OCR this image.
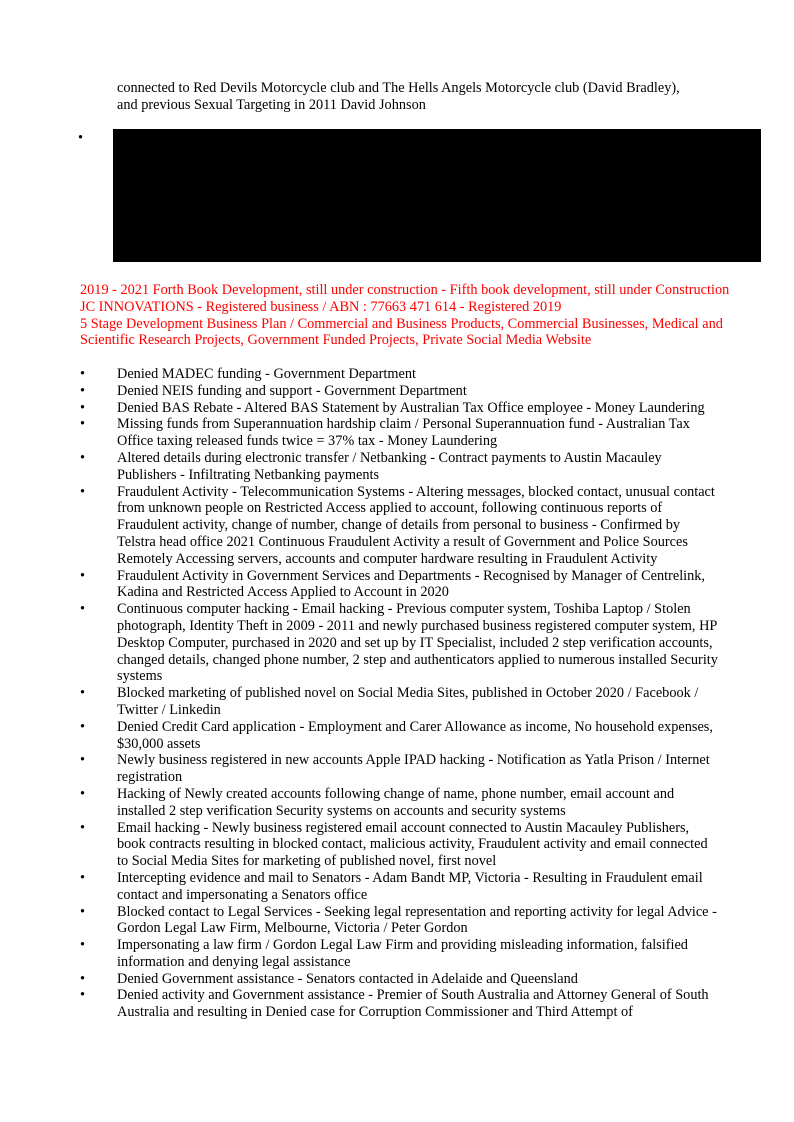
connected to Red Devils Motorcycle club and The Hells Angels Motorcycle club (David Bradley),

and previous Sexual Targeting in 2011 David Johnson

•

2019 - 2021 Forth Book Development, still under construction - Fifth book development, still under Construction

JC INNOVATIONS - Registered business / ABN : 77663 471 614 - Registered 2019

5 Stage Development Business Plan / Commercial and Business Products, Commercial Businesses, Medical and Scientific Research Projects, Government Funded Projects, Private Social Media Website

• Denied MADEC funding - Government Department
• Denied NEIS funding and support - Government Department
• Denied BAS Rebate - Altered BAS Statement by Australian Tax Office employee - Money Laundering
• Missing funds from Superannuation hardship claim / Personal Superannuation fund - Australian Tax Office taxing released funds twice = 37% tax - Money Laundering
• Altered details during electronic transfer / Netbanking - Contract payments to Austin Macauley Publishers - Infiltrating Netbanking payments
• Fraudulent Activity - Telecommunication Systems - Altering messages, blocked contact, unusual contact from unknown people on Restricted Access applied to account, following continuous reports of Fraudulent activity, change of number, change of details from personal to business - Confirmed by Telstra head office 2021 Continuous Fraudulent Activity a result of Government and Police Sources Remotely Accessing servers, accounts and computer hardware resulting in Fraudulent Activity
• Fraudulent Activity in Government Services and Departments - Recognised by Manager of Centrelink, Kadina and Restricted Access Applied to Account in 2020
• Continuous computer hacking - Email hacking - Previous computer system, Toshiba Laptop / Stolen photograph, Identity Theft in 2009 - 2011 and newly purchased business registered computer system, HP Desktop Computer, purchased in 2020 and set up by IT Specialist, included 2 step verification accounts, changed details, changed phone number, 2 step and authenticators applied to numerous installed Security systems
• Blocked marketing of published novel on Social Media Sites, published in October 2020 / Facebook / Twitter / Linkedin
• Denied Credit Card application - Employment and Carer Allowance as income, No household expenses, $30,000 assets
• Newly business registered in new accounts Apple IPAD hacking - Notification as Yatla Prison / Internet registration
• Hacking of Newly created accounts following change of name, phone number, email account and installed 2 step verification Security systems on accounts and security systems
• Email hacking - Newly business registered email account connected to Austin Macauley Publishers, book contracts resulting in blocked contact, malicious activity, Fraudulent activity and email connected to Social Media Sites for marketing of published novel, first novel
• Intercepting evidence and mail to Senators - Adam Bandt MP, Victoria - Resulting in Fraudulent email contact and impersonating a Senators office
• Blocked contact to Legal Services - Seeking legal representation and reporting activity for legal Advice - Gordon Legal Law Firm, Melbourne, Victoria / Peter Gordon
• Impersonating a law firm / Gordon Legal Law Firm and providing misleading information, falsified information and denying legal assistance
• Denied Government assistance - Senators contacted in Adelaide and Queensland
• Denied activity and Government assistance - Premier of South Australia and Attorney General of South Australia and resulting in Denied case for Corruption Commissioner and Third Attempt of
